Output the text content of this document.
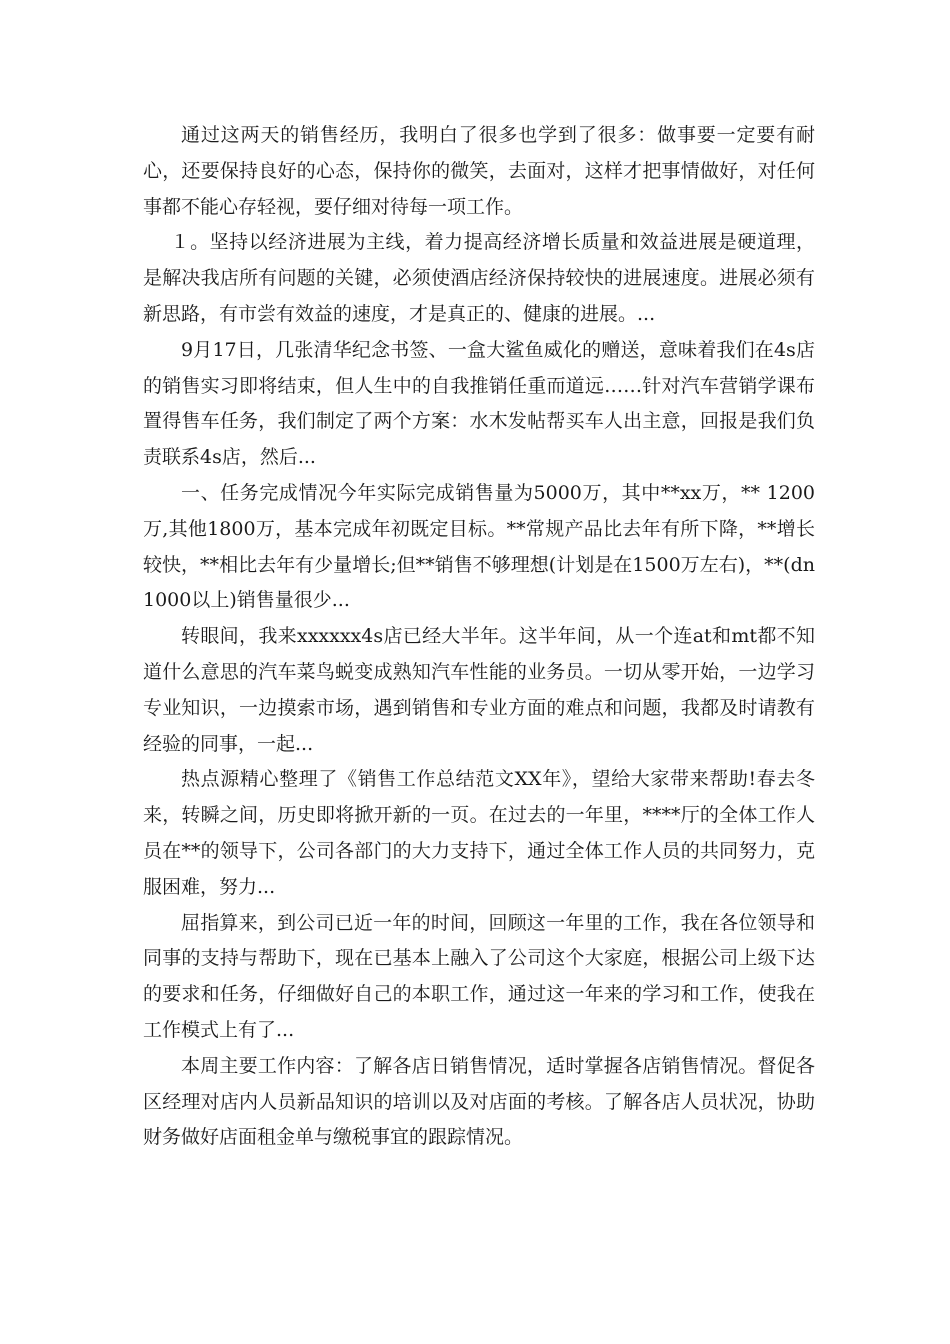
通过这两天的销售经历，我明白了很多也学到了很多：做事要一定要有耐心，还要保持良好的心态，保持你的微笑，去面对，这样才把事情做好，对任何事都不能心存轻视，要仔细对待每一项工作。

１。坚持以经济进展为主线，着力提高经济增长质量和效益进展是硬道理，是解决我店所有问题的关键，必须使酒店经济保持较快的进展速度。进展必须有新思路，有市尝有效益的速度，才是真正的、健康的进展。...

9月17日，几张清华纪念书签、一盒大鲨鱼威化的赠送，意味着我们在4s店的销售实习即将结束，但人生中的自我推销任重而道远……针对汽车营销学课布置得售车任务，我们制定了两个方案：水木发帖帮买车人出主意，回报是我们负责联系4s店，然后...

一、任务完成情况今年实际完成销售量为5000万，其中**xx万，** 1200万,其他1800万，基本完成年初既定目标。**常规产品比去年有所下降，**增长较快，**相比去年有少量增长;但**销售不够理想(计划是在1500万左右)，**(dn1000以上)销售量很少...

转眼间，我来xxxxxx4s店已经大半年。这半年间，从一个连at和mt都不知道什么意思的汽车菜鸟蜕变成熟知汽车性能的业务员。一切从零开始，一边学习专业知识，一边摸索市场，遇到销售和专业方面的难点和问题，我都及时请教有经验的同事，一起...

热点源精心整理了《销售工作总结范文XX年》，望给大家带来帮助!春去冬来，转瞬之间，历史即将掀开新的一页。在过去的一年里，****厅的全体工作人员在**的领导下，公司各部门的大力支持下，通过全体工作人员的共同努力，克服困难，努力...

屈指算来，到公司已近一年的时间，回顾这一年里的工作，我在各位领导和同事的支持与帮助下，现在已基本上融入了公司这个大家庭，根据公司上级下达的要求和任务，仔细做好自己的本职工作，通过这一年来的学习和工作，使我在工作模式上有了...

本周主要工作内容：了解各店日销售情况，适时掌握各店销售情况。督促各区经理对店内人员新品知识的培训以及对店面的考核。了解各店人员状况，协助财务做好店面租金单与缴税事宜的跟踪情况。
